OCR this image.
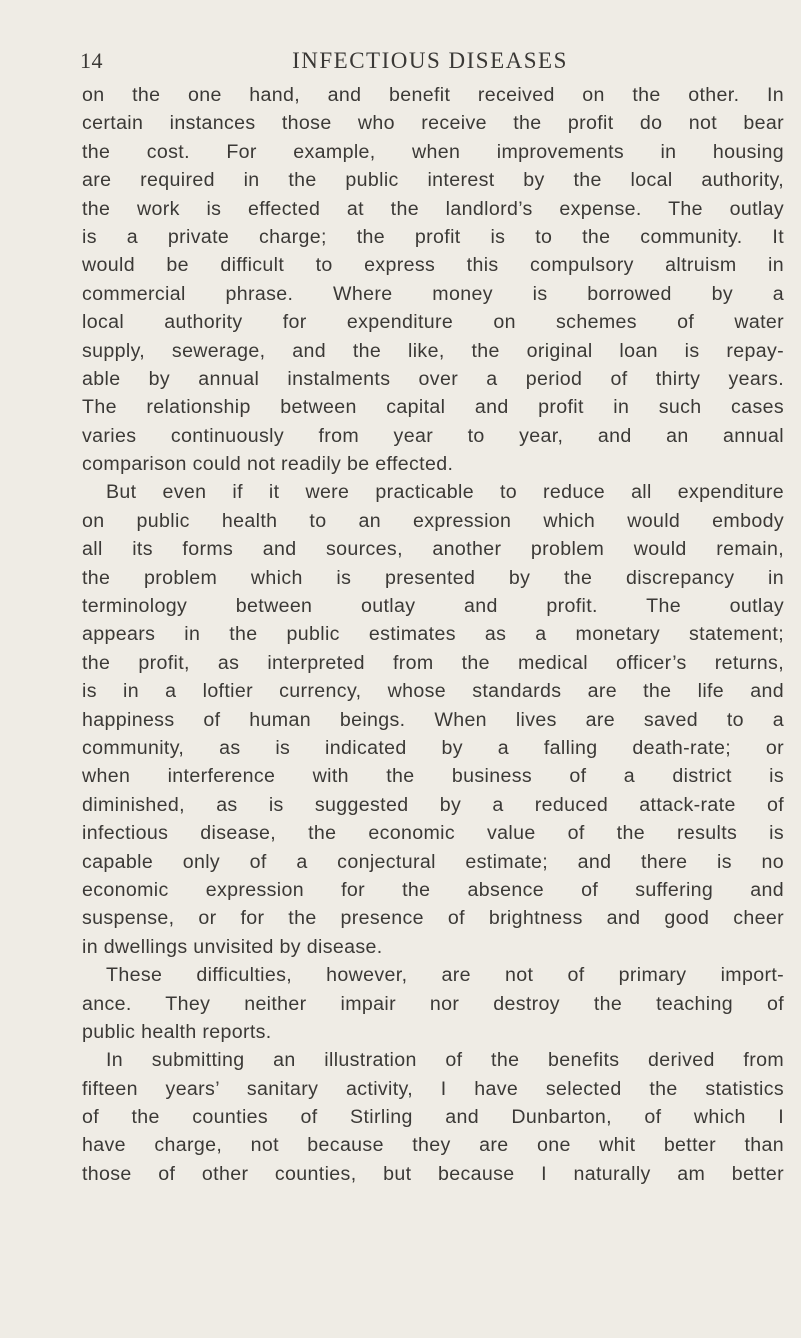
14	INFECTIOUS DISEASES
on the one hand, and benefit received on the other. In
certain instances those who receive the profit do not bear
the cost. For example, when improvements in housing
are required in the public interest by the local authority,
the work is effected at the landlord’s expense. The outlay
is a private charge; the profit is to the community. It
would be difficult to express this compulsory altruism in
commercial phrase. Where money is borrowed by a
local authority for expenditure on schemes of water
supply, sewerage, and the like, the original loan is repay-
able by annual instalments over a period of thirty years.
The relationship between capital and profit in such cases
varies continuously from year to year, and an annual
comparison could not readily be effected.
But even if it were practicable to reduce all expenditure
on public health to an expression which would embody
all its forms and sources, another problem would remain,
the problem which is presented by the discrepancy in
terminology between outlay and profit. The outlay
appears in the public estimates as a monetary statement;
the profit, as interpreted from the medical officer’s returns,
is in a loftier currency, whose standards are the life and
happiness of human beings. When lives are saved to a
community, as is indicated by a falling death-rate; or
when interference with the business of a district is
diminished, as is suggested by a reduced attack-rate of
infectious disease, the economic value of the results is
capable only of a conjectural estimate; and there is no
economic expression for the absence of suffering and
suspense, or for the presence of brightness and good cheer
in dwellings unvisited by disease.
These difficulties, however, are not of primary import-
ance. They neither impair nor destroy the teaching of
public health reports.
In submitting an illustration of the benefits derived from
fifteen years’ sanitary activity, I have selected the statistics
of the counties of Stirling and Dunbarton, of which I
have charge, not because they are one whit better than
those of other counties, but because I naturally am better
